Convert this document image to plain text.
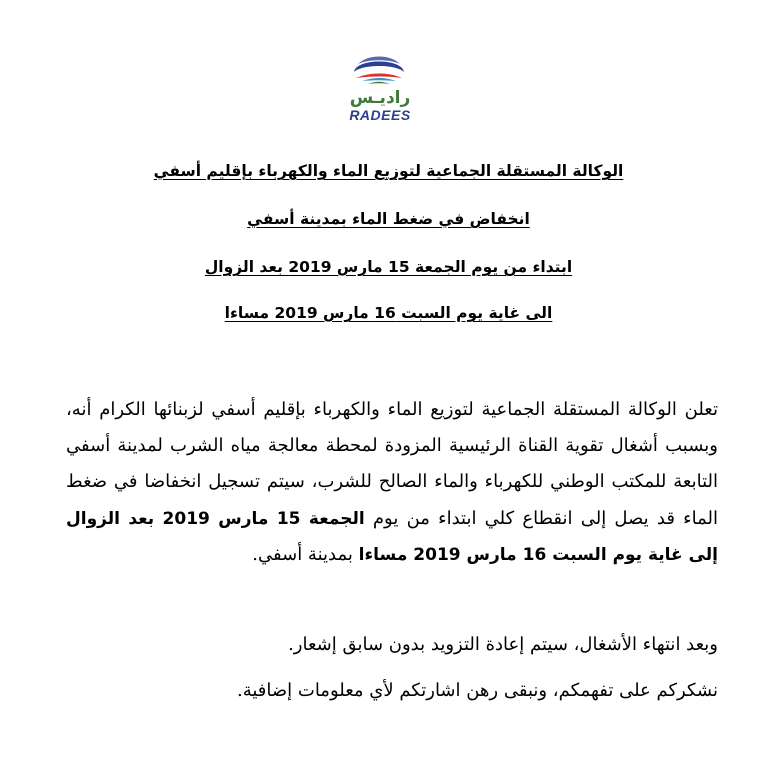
راديـس
RADEES
الوكالة المستقلة الجماعية لتوزيع الماء والكهرباء بإقليم أسفي
انخفاض في ضغط الماء بمدينة أسفي
ابتداء من يوم الجمعة 15 مارس 2019 بعد الزوال
الى غاية يوم السبت 16 مارس 2019 مساءا
تعلن الوكالة المستقلة الجماعية لتوزيع الماء والكهرباء بإقليم أسفي لزبنائها الكرام أنه، وبسبب أشغال تقوية القناة الرئيسية المزودة لمحطة معالجة مياه الشرب لمدينة أسفي التابعة للمكتب الوطني للكهرباء والماء الصالح للشرب، سيتم تسجيل انخفاضا في ضغط الماء قد يصل إلى انقطاع كلي ابتداء من يوم الجمعة 15 مارس 2019 بعد الزوال إلى غاية يوم السبت 16 مارس 2019 مساءا بمدينة أسفي.
وبعد انتهاء الأشغال، سيتم إعادة التزويد بدون سابق إشعار.
نشكركم على تفهمكم، ونبقى رهن اشارتكم لأي معلومات إضافية.
